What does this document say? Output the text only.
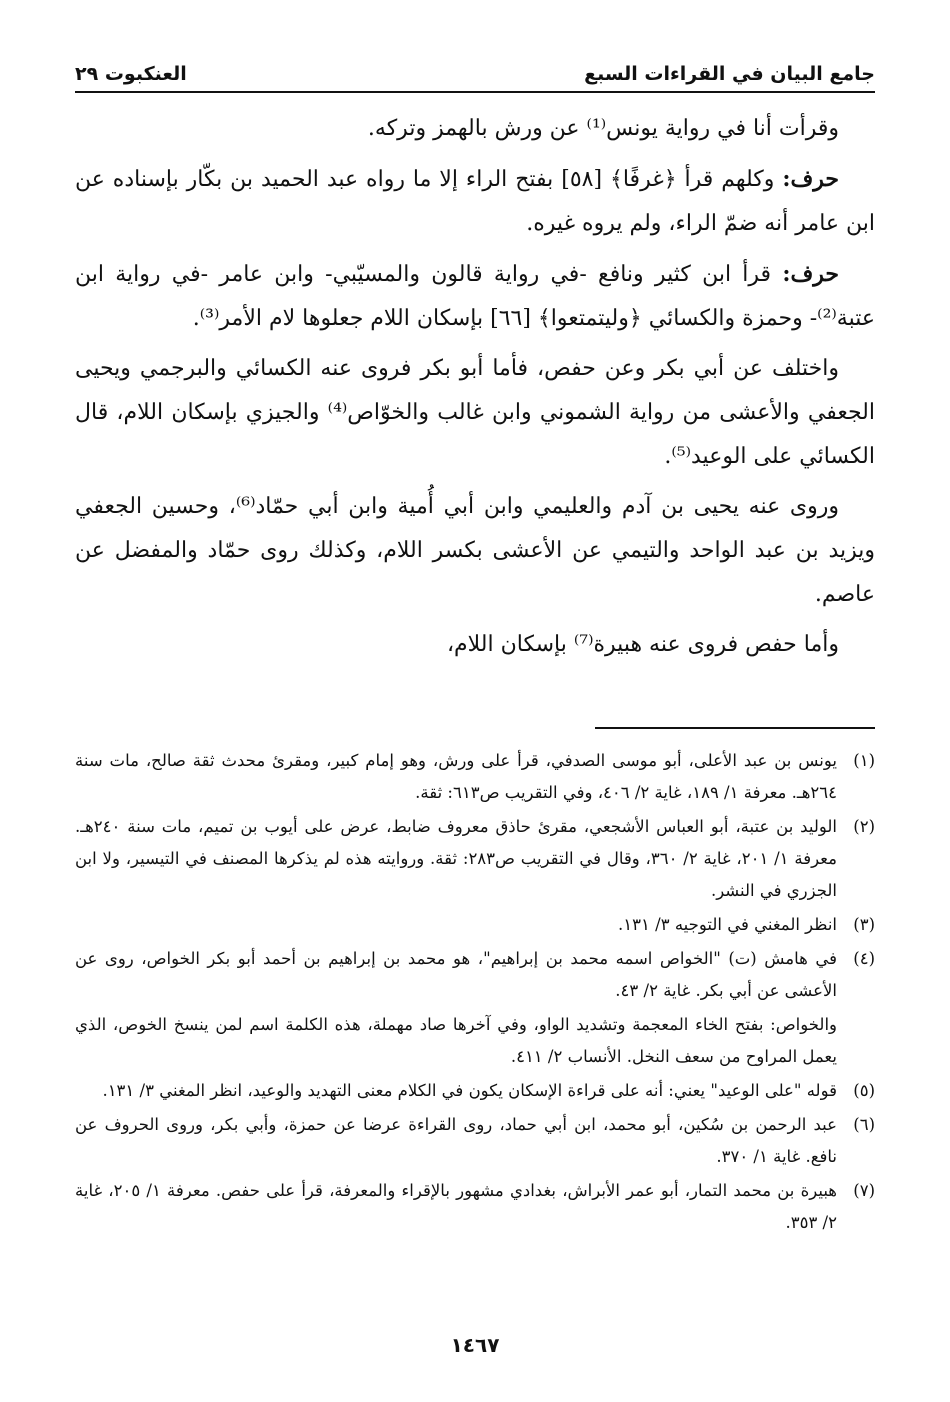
جامع البيان في القراءات السبع
العنكبوت ٢٩

وقرأت أنا في رواية يونس⁽¹⁾ عن ورش بالهمز وتركه.

حرف: وكلهم قرأ ﴿غرفًا﴾ [٥٨] بفتح الراء إلا ما رواه عبد الحميد بن بكّار بإسناده عن ابن عامر أنه ضمّ الراء، ولم يروه غيره.

حرف: قرأ ابن كثير ونافع -في رواية قالون والمسيّبي- وابن عامر -في رواية ابن عتبة⁽²⁾- وحمزة والكسائي ﴿وليتمتعوا﴾ [٦٦] بإسكان اللام جعلوها لام الأمر⁽³⁾.

واختلف عن أبي بكر وعن حفص، فأما أبو بكر فروى عنه الكسائي والبرجمي ويحيى الجعفي والأعشى من رواية الشموني وابن غالب والخوّاص⁽⁴⁾ والجيزي بإسكان اللام، قال الكسائي على الوعيد⁽⁵⁾.

وروى عنه يحيى بن آدم والعليمي وابن أبي أُمية وابن أبي حمّاد⁽⁶⁾، وحسين الجعفي ويزيد بن عبد الواحد والتيمي عن الأعشى بكسر اللام، وكذلك روى حمّاد والمفضل عن عاصم.

وأما حفص فروى عنه هبيرة⁽⁷⁾ بإسكان اللام،

(١)
يونس بن عبد الأعلى، أبو موسى الصدفي، قرأ على ورش، وهو إمام كبير، ومقرئ محدث ثقة صالح، مات سنة ٢٦٤هـ. معرفة ١/ ١٨٩، غاية ٢/ ٤٠٦، وفي التقريب ص٦١٣: ثقة.
(٢)
الوليد بن عتبة، أبو العباس الأشجعي، مقرئ حاذق معروف ضابط، عرض على أيوب بن تميم، مات سنة ٢٤٠هـ. معرفة ١/ ٢٠١، غاية ٢/ ٣٦٠، وقال في التقريب ص٢٨٣: ثقة. وروايته هذه لم يذكرها المصنف في التيسير، ولا ابن الجزري في النشر.
(٣)
انظر المغني في التوجيه ٣/ ١٣١.
(٤)
في هامش (ت) "الخواص اسمه محمد بن إبراهيم"، هو محمد بن إبراهيم بن أحمد أبو بكر الخواص، روى عن الأعشى عن أبي بكر. غاية ٢/ ٤٣.
والخواص: بفتح الخاء المعجمة وتشديد الواو، وفي آخرها صاد مهملة، هذه الكلمة اسم لمن ينسخ الخوص، الذي يعمل المراوح من سعف النخل. الأنساب ٢/ ٤١١.
(٥)
قوله "على الوعيد" يعني: أنه على قراءة الإسكان يكون في الكلام معنى التهديد والوعيد، انظر المغني ٣/ ١٣١.
(٦)
عبد الرحمن بن سُكين، أبو محمد، ابن أبي حماد، روى القراءة عرضا عن حمزة، وأبي بكر، وروى الحروف عن نافع. غاية ١/ ٣٧٠.
(٧)
هبيرة بن محمد التمار، أبو عمر الأبراش، بغدادي مشهور بالإقراء والمعرفة، قرأ على حفص. معرفة ١/ ٢٠٥، غاية ٢/ ٣٥٣.
١٤٦٧
